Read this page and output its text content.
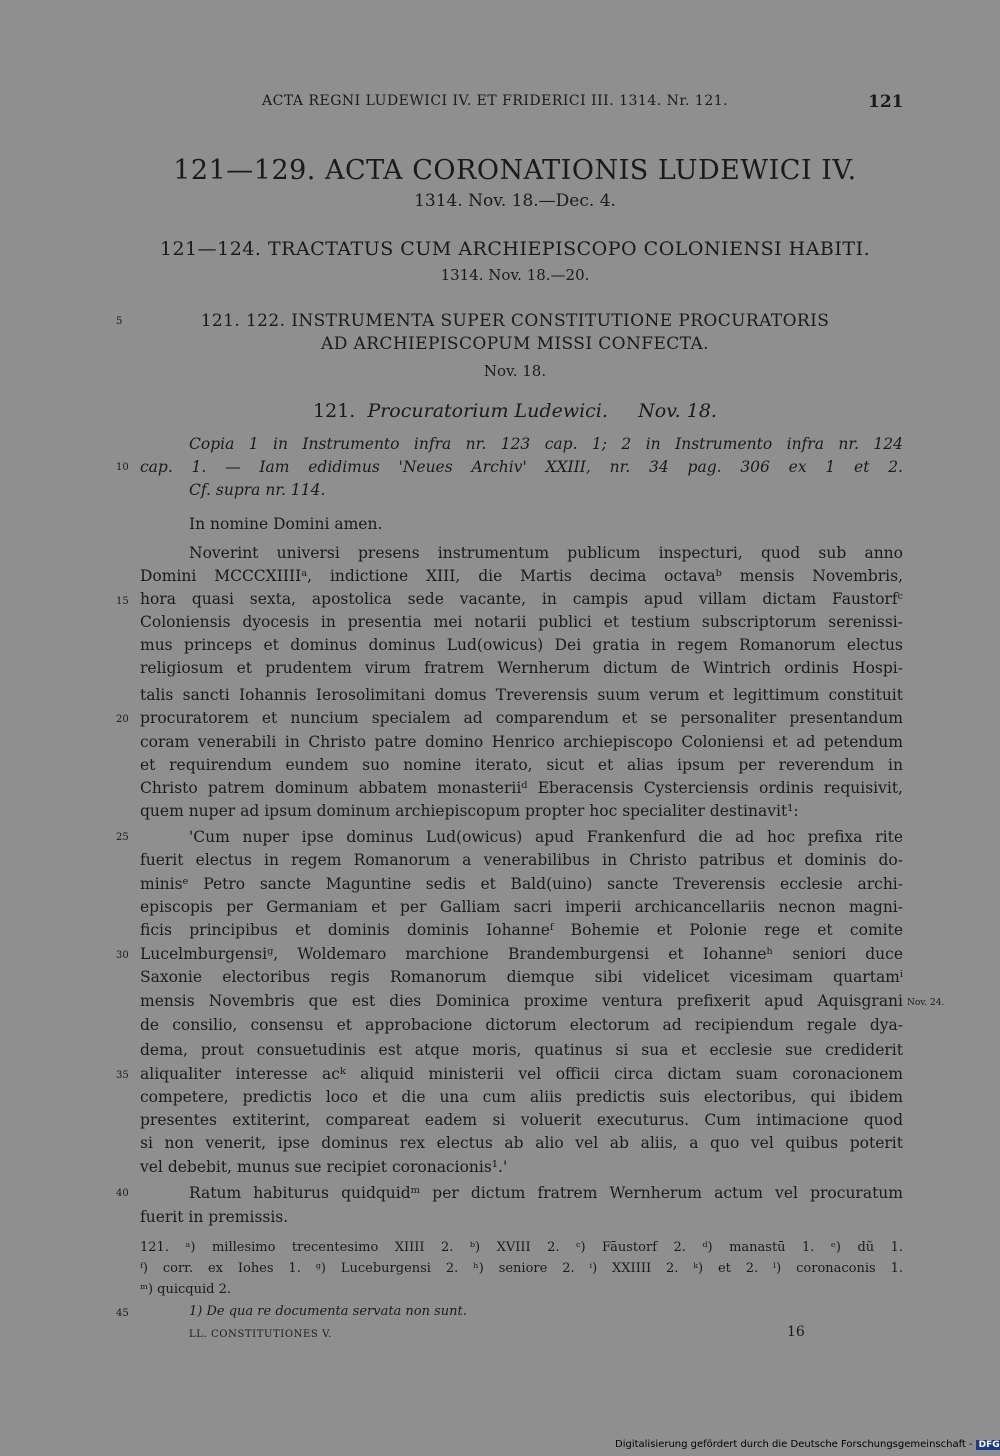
ACTA REGNI LUDEWICI IV. ET FRIDERICI III. 1314. Nr. 121.	121
121—129. ACTA CORONATIONIS LUDEWICI IV.
1314. Nov. 18.—Dec. 4.
121—124. TRACTATUS CUM ARCHIEPISCOPO COLONIENSI HABITI.
1314. Nov. 18.—20.
121. 122. INSTRUMENTA SUPER CONSTITUTIONE PROCURATORIS
AD ARCHIEPISCOPUM MISSI CONFECTA.
Nov. 18.
121. Procuratorium Ludewici. Nov. 18.
Copia 1 in Instrumento infra nr. 123 cap. 1; 2 in Instrumento infra nr. 124
cap. 1. — Iam edidimus 'Neues Archiv' XXIII, nr. 34 pag. 306 ex 1 et 2.
Cf. supra nr. 114.
In nomine Domini amen.
Noverint universi presens instrumentum publicum inspecturi, quod sub anno
Domini MCCCXIIIIᵃ, indictione XIII, die Martis decima octavaᵇ mensis Novembris,
hora quasi sexta, apostolica sede vacante, in campis apud villam dictam Faustorfᶜ
Coloniensis dyocesis in presentia mei notarii publici et testium subscriptorum serenissi-
mus princeps et dominus dominus Lud(owicus) Dei gratia in regem Romanorum electus
religiosum et prudentem virum fratrem Wernherum dictum de Wintrich ordinis Hospi-
talis sancti Iohannis Ierosolimitani domus Treverensis suum verum et legittimum constituit
procuratorem et nuncium specialem ad comparendum et se personaliter presentandum
coram venerabili in Christo patre domino Henrico archiepiscopo Coloniensi et ad petendum
et requirendum eundem suo nomine iterato, sicut et alias ipsum per reverendum in
Christo patrem dominum abbatem monasteriiᵈ Eberacensis Cysterciensis ordinis requisivit,
quem nuper ad ipsum dominum archiepiscopum propter hoc specialiter destinavit¹:
'Cum nuper ipse dominus Lud(owicus) apud Frankenfurd die ad hoc prefixa rite
fuerit electus in regem Romanorum a venerabilibus in Christo patribus et dominis do-
minisᵉ Petro sancte Maguntine sedis et Bald(uino) sancte Treverensis ecclesie archi-
episcopis per Germaniam et per Galliam sacri imperii archicancellariis necnon magni-
ficis principibus et dominis dominis Iohanneᶠ Bohemie et Polonie rege et comite
Lucelmburgensiᵍ, Woldemaro marchione Brandemburgensi et Iohanneʰ seniori duce
Saxonie electoribus regis Romanorum diemque sibi videlicet vicesimam quartamⁱ
mensis Novembris que est dies Dominica proxime ventura prefixerit apud Aquisgrani
de consilio, consensu et approbacione dictorum electorum ad recipiendum regale dya-
dema, prout consuetudinis est atque moris, quatinus si sua et ecclesie sue crediderit
aliqualiter interesse acᵏ aliquid ministerii vel officii circa dictam suam coronacionem
competere, predictis loco et die una cum aliis predictis suis electoribus, qui ibidem
presentes extiterint, compareat eadem si voluerit executurus. Cum intimacione quod
si non venerit, ipse dominus rex electus ab alio vel ab aliis, a quo vel quibus poterit
vel debebit, munus sue recipiet coronacionis¹.'
Ratum habiturus quidquidᵐ per dictum fratrem Wernherum actum vel procuratum
fuerit in premissis.
5
10
15
20
25
30
35
40
45
Nov. 24.
121. ᵃ) millesimo trecentesimo XIIII 2. ᵇ) XVIII 2. ᶜ) Fāustorf 2. ᵈ) manastū 1. ᵉ) dũ 1.
ᶠ) corr. ex Iohes 1. ᵍ) Luceburgensi 2. ʰ) seniore 2. ⁱ) XXIIII 2. ᵏ) et 2. ˡ) coronaconis 1.
ᵐ) quicquid 2.
1) De qua re documenta servata non sunt.
LL. CONSTITUTIONES V.	16
Digitalisierung gefördert durch die Deutsche Forschungsgemeinschaft - DFG
